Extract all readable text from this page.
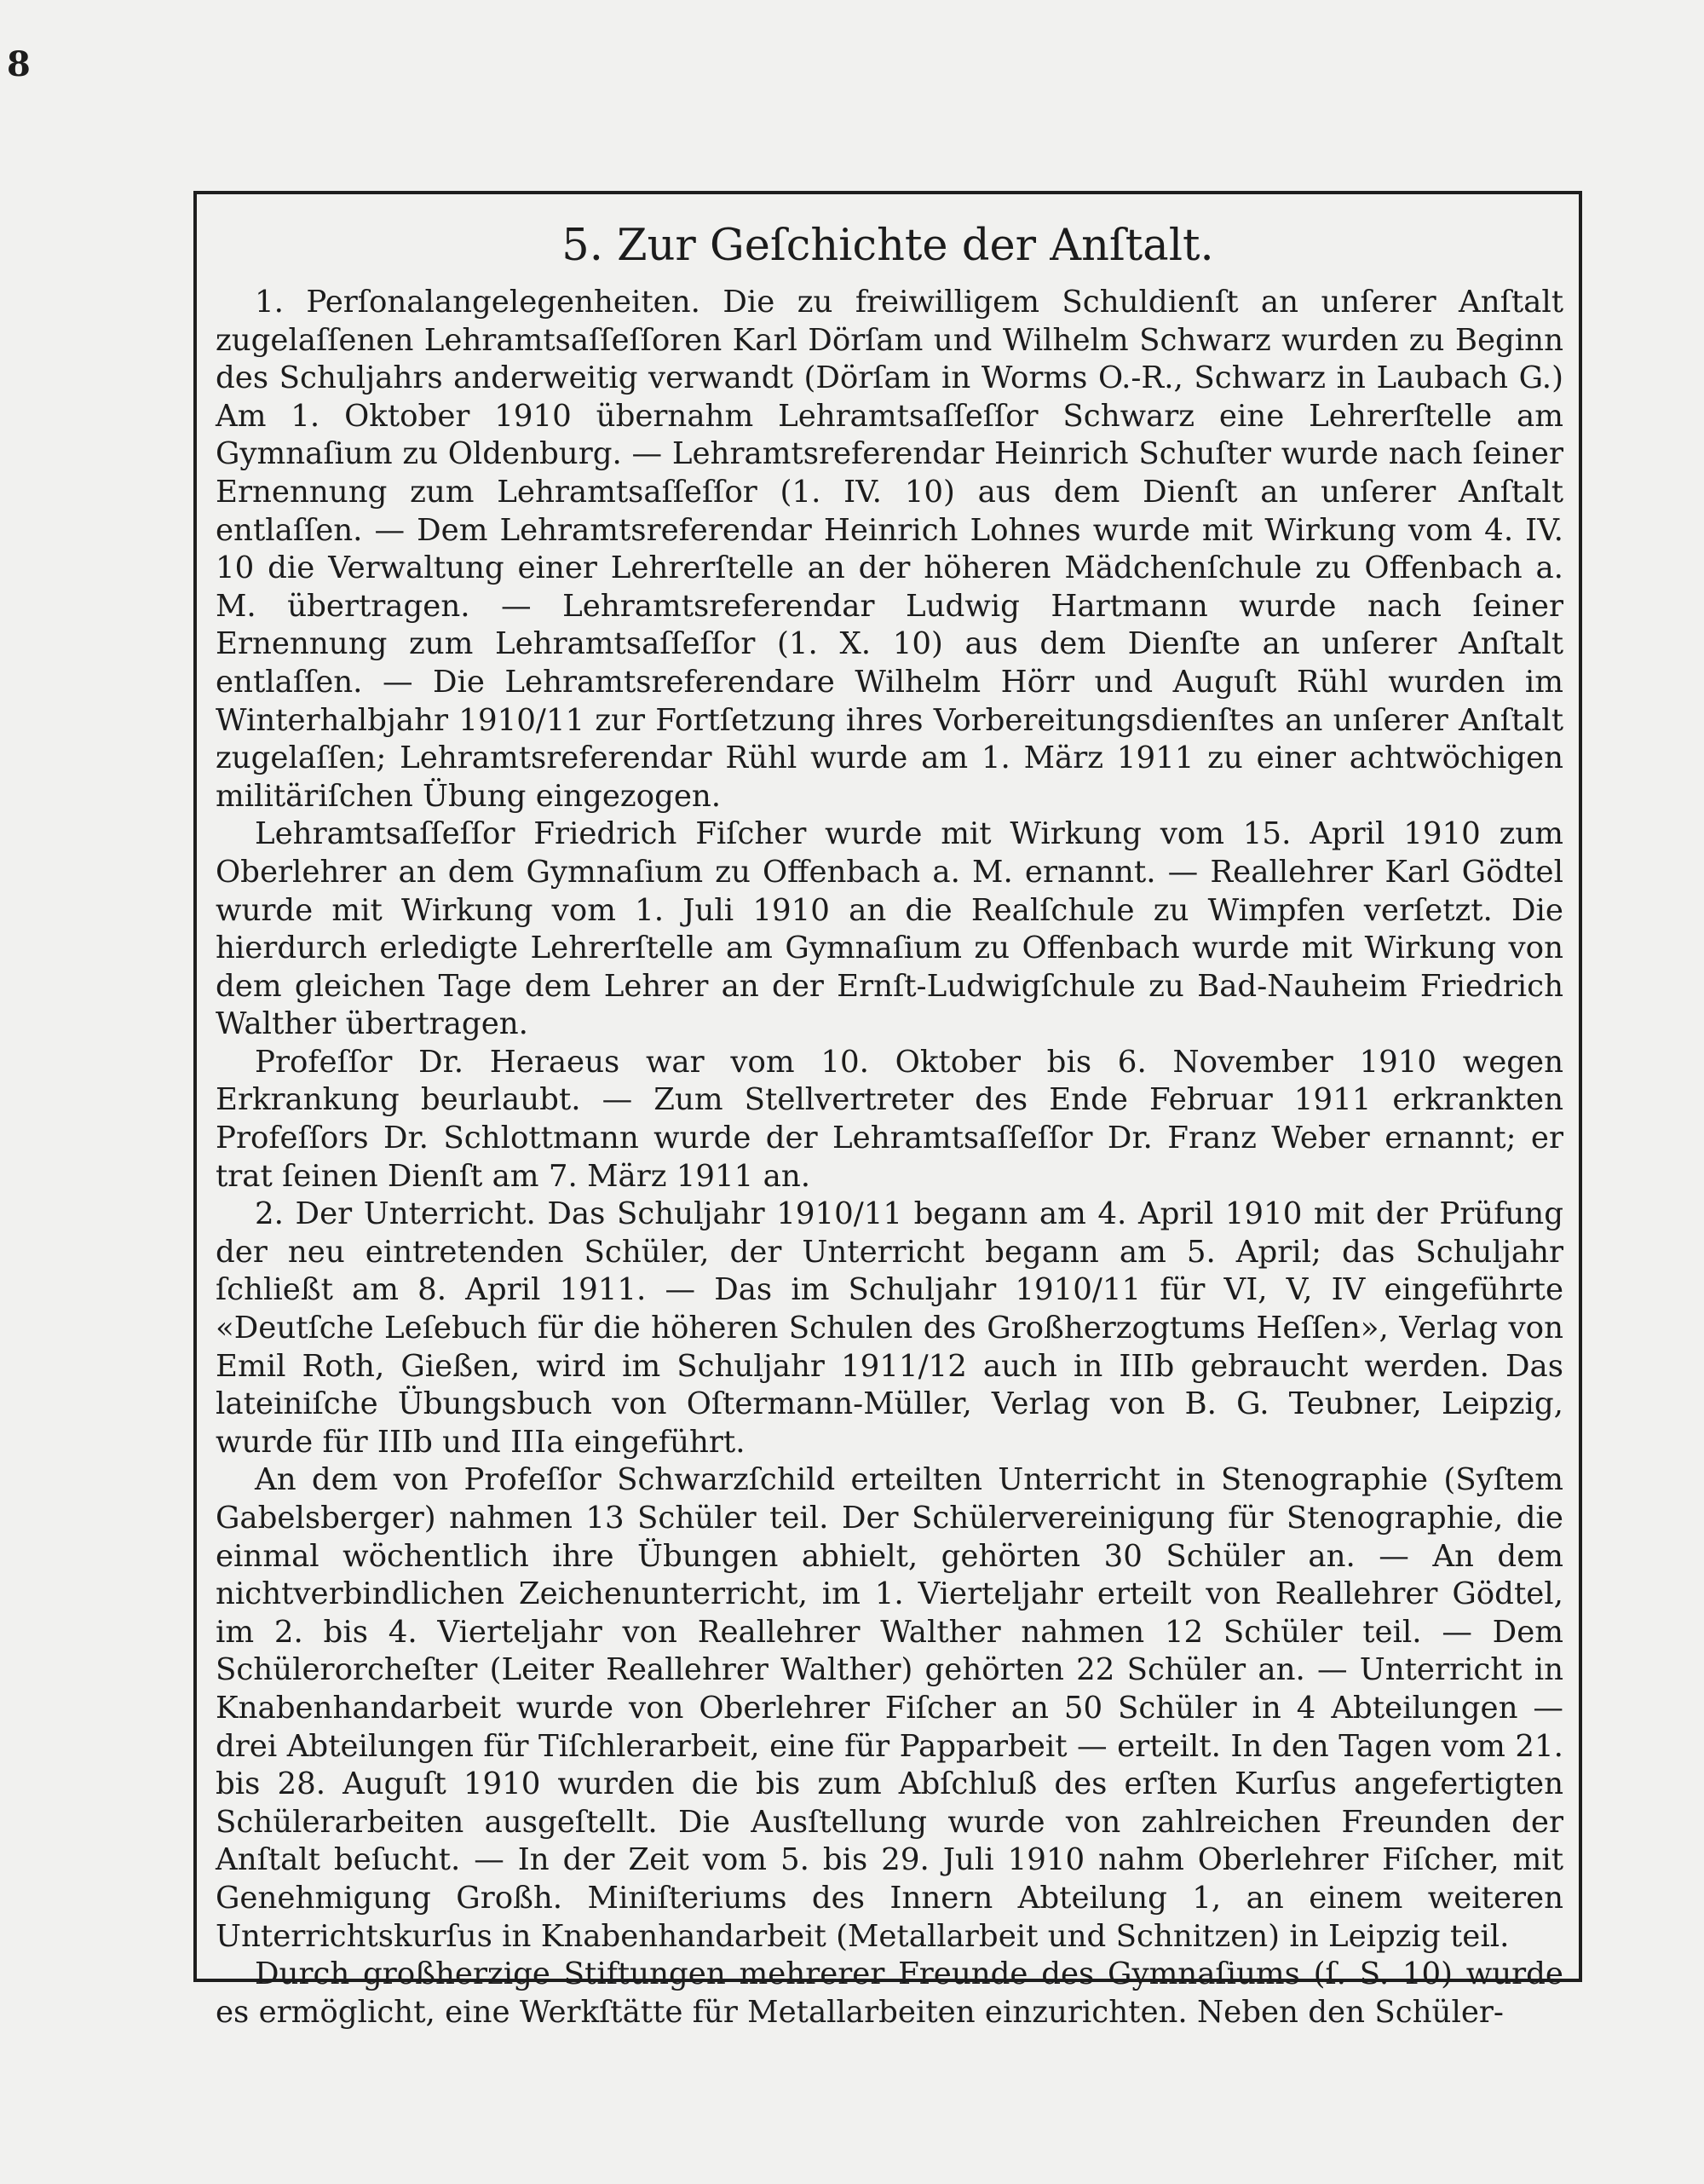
8
5. Zur Geſchichte der Anſtalt.

1. Perſonalangelegenheiten. Die zu freiwilligem Schuldienſt an unſerer Anſtalt zugelaſſenen Lehramtsaſſeſſoren Karl Dörſam und Wilhelm Schwarz wurden zu Beginn des Schuljahrs anderweitig verwandt (Dörſam in Worms O.-R., Schwarz in Laubach G.) Am 1. Oktober 1910 übernahm Lehramtsaſſeſſor Schwarz eine Lehrerſtelle am Gymnaſium zu Oldenburg. — Lehramtsreferendar Heinrich Schuſter wurde nach ſeiner Ernennung zum Lehramtsaſſeſſor (1. IV. 10) aus dem Dienſt an unſerer Anſtalt entlaſſen. — Dem Lehramtsreferendar Heinrich Lohnes wurde mit Wirkung vom 4. IV. 10 die Verwaltung einer Lehrerſtelle an der höheren Mädchenſchule zu Offenbach a. M. übertragen. — Lehramtsreferendar Ludwig Hartmann wurde nach ſeiner Ernennung zum Lehramtsaſſeſſor (1. X. 10) aus dem Dienſte an unſerer Anſtalt entlaſſen. — Die Lehramtsreferendare Wilhelm Hörr und Auguſt Rühl wurden im Winterhalbjahr 1910/11 zur Fortſetzung ihres Vorbereitungsdienſtes an unſerer Anſtalt zugelaſſen; Lehramtsreferendar Rühl wurde am 1. März 1911 zu einer achtwöchigen militäriſchen Übung eingezogen.

Lehramtsaſſeſſor Friedrich Fiſcher wurde mit Wirkung vom 15. April 1910 zum Oberlehrer an dem Gymnaſium zu Offenbach a. M. ernannt. — Reallehrer Karl Gödtel wurde mit Wirkung vom 1. Juli 1910 an die Realſchule zu Wimpfen verſetzt. Die hierdurch erledigte Lehrerſtelle am Gymnaſium zu Offenbach wurde mit Wirkung von dem gleichen Tage dem Lehrer an der Ernſt-Ludwigſchule zu Bad-Nauheim Friedrich Walther übertragen.

Profeſſor Dr. Heraeus war vom 10. Oktober bis 6. November 1910 wegen Erkrankung beurlaubt. — Zum Stellvertreter des Ende Februar 1911 erkrankten Profeſſors Dr. Schlottmann wurde der Lehramtsaſſeſſor Dr. Franz Weber ernannt; er trat ſeinen Dienſt am 7. März 1911 an.

2. Der Unterricht. Das Schuljahr 1910/11 begann am 4. April 1910 mit der Prüfung der neu eintretenden Schüler, der Unterricht begann am 5. April; das Schuljahr ſchließt am 8. April 1911. — Das im Schuljahr 1910/11 für VI, V, IV eingeführte «Deutſche Leſebuch für die höheren Schulen des Großherzogtums Heſſen», Verlag von Emil Roth, Gießen, wird im Schuljahr 1911/12 auch in IIIb gebraucht werden. Das lateiniſche Übungsbuch von Oſtermann-Müller, Verlag von B. G. Teubner, Leipzig, wurde für IIIb und IIIa eingeführt.

An dem von Profeſſor Schwarzſchild erteilten Unterricht in Stenographie (Syſtem Gabelsberger) nahmen 13 Schüler teil. Der Schülervereinigung für Stenographie, die einmal wöchentlich ihre Übungen abhielt, gehörten 30 Schüler an. — An dem nichtverbindlichen Zeichenunterricht, im 1. Vierteljahr erteilt von Reallehrer Gödtel, im 2. bis 4. Vierteljahr von Reallehrer Walther nahmen 12 Schüler teil. — Dem Schülerorcheſter (Leiter Reallehrer Walther) gehörten 22 Schüler an. — Unterricht in Knabenhandarbeit wurde von Oberlehrer Fiſcher an 50 Schüler in 4 Abteilungen — drei Abteilungen für Tiſchlerarbeit, eine für Papparbeit — erteilt. In den Tagen vom 21. bis 28. Auguſt 1910 wurden die bis zum Abſchluß des erſten Kurſus angefertigten Schülerarbeiten ausgeſtellt. Die Ausſtellung wurde von zahlreichen Freunden der Anſtalt beſucht. — In der Zeit vom 5. bis 29. Juli 1910 nahm Oberlehrer Fiſcher, mit Genehmigung Großh. Miniſteriums des Innern Abteilung 1, an einem weiteren Unterrichtskurſus in Knabenhandarbeit (Metallarbeit und Schnitzen) in Leipzig teil.

Durch großherzige Stiftungen mehrerer Freunde des Gymnaſiums (ſ. S. 10) wurde es ermöglicht, eine Werkſtätte für Metallarbeiten einzurichten. Neben den Schüler-
